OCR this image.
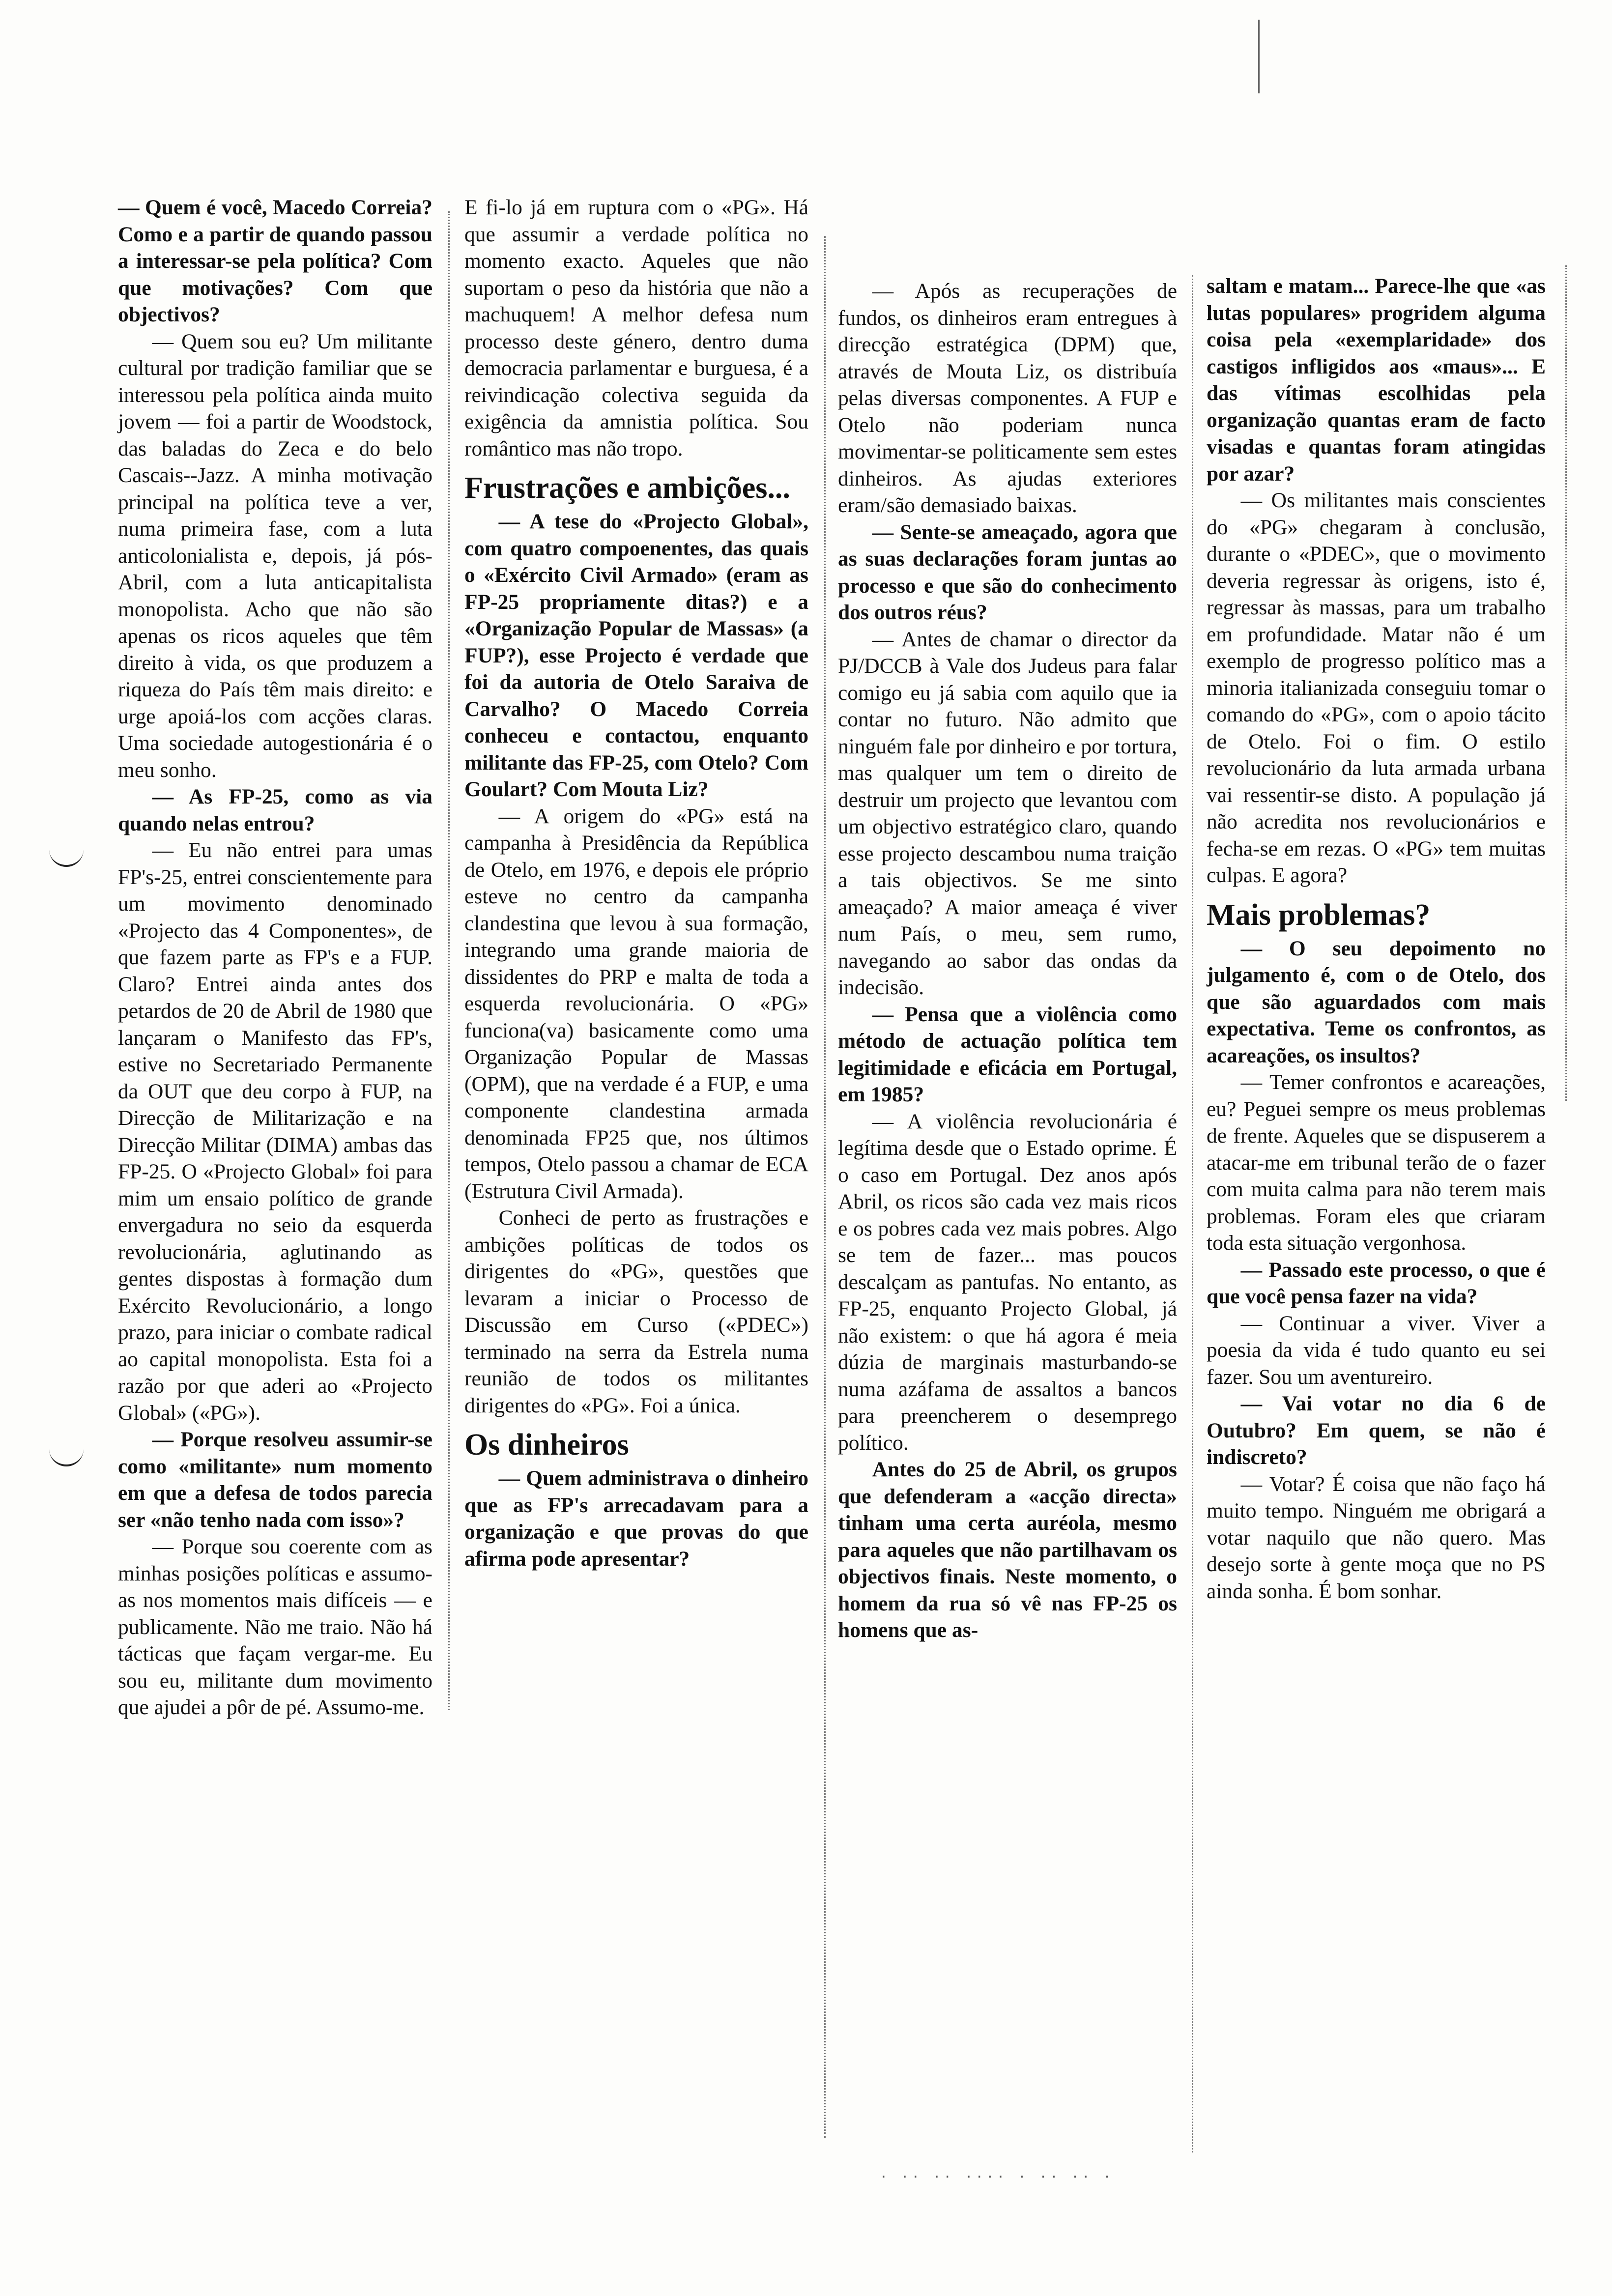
— Quem é você, Macedo Correia? Como e a partir de quando passou a interessar-se pela política? Com que motivações? Com que objectivos?

— Quem sou eu? Um militante cultural por tradição familiar que se interessou pela política ainda muito jovem — foi a partir de Woodstock, das baladas do Zeca e do belo Cascais--Jazz. A minha motivação principal na política teve a ver, numa primeira fase, com a luta anticolonialista e, depois, já pós-Abril, com a luta anticapitalista monopolista. Acho que não são apenas os ricos aqueles que têm direito à vida, os que produzem a riqueza do País têm mais direito: e urge apoiá-los com acções claras. Uma sociedade autogestionária é o meu sonho.

— As FP-25, como as via quando nelas entrou?

— Eu não entrei para umas FP's-25, entrei conscientemente para um movimento denominado «Projecto das 4 Componentes», de que fazem parte as FP's e a FUP. Claro? Entrei ainda antes dos petardos de 20 de Abril de 1980 que lançaram o Manifesto das FP's, estive no Secretariado Permanente da OUT que deu corpo à FUP, na Direcção de Militarização e na Direcção Militar (DIMA) ambas das FP-25. O «Projecto Global» foi para mim um ensaio político de grande envergadura no seio da esquerda revolucionária, aglutinando as gentes dispostas à formação dum Exército Revolucionário, a longo prazo, para iniciar o combate radical ao capital monopolista. Esta foi a razão por que aderi ao «Projecto Global» («PG»).

— Porque resolveu assumir-se como «militante» num momento em que a defesa de todos parecia ser «não tenho nada com isso»?

— Porque sou coerente com as minhas posições políticas e assumo-as nos momentos mais difíceis — e publicamente. Não me traio. Não há tácticas que façam vergar-me. Eu sou eu, militante dum movimento que ajudei a pôr de pé. Assumo-me.

E fi-lo já em ruptura com o «PG». Há que assumir a verdade política no momento exacto. Aqueles que não suportam o peso da história que não a machuquem! A melhor defesa num processo deste género, dentro duma democracia parlamentar e burguesa, é a reivindicação colectiva seguida da exigência da amnistia política. Sou romântico mas não tropo.

Frustrações e ambições...

— A tese do «Projecto Global», com quatro compoenentes, das quais o «Exército Civil Armado» (eram as FP-25 propriamente ditas?) e a «Organização Popular de Massas» (a FUP?), esse Projecto é verdade que foi da autoria de Otelo Saraiva de Carvalho? O Macedo Correia conheceu e contactou, enquanto militante das FP-25, com Otelo? Com Goulart? Com Mouta Liz?

— A origem do «PG» está na campanha à Presidência da República de Otelo, em 1976, e depois ele próprio esteve no centro da campanha clandestina que levou à sua formação, integrando uma grande maioria de dissidentes do PRP e malta de toda a esquerda revolucionária. O «PG» funciona(va) basicamente como uma Organização Popular de Massas (OPM), que na verdade é a FUP, e uma componente clandestina armada denominada FP25 que, nos últimos tempos, Otelo passou a chamar de ECA (Estrutura Civil Armada).

Conheci de perto as frustrações e ambições políticas de todos os dirigentes do «PG», questões que levaram a iniciar o Processo de Discussão em Curso («PDEC») terminado na serra da Estrela numa reunião de todos os militantes dirigentes do «PG». Foi a única.

Os dinheiros

— Quem administrava o dinheiro que as FP's arrecadavam para a organização e que provas do que afirma pode apresentar?

— Após as recuperações de fundos, os dinheiros eram entregues à direcção estratégica (DPM) que, através de Mouta Liz, os distribuía pelas diversas componentes. A FUP e Otelo não poderiam nunca movimentar-se politicamente sem estes dinheiros. As ajudas exteriores eram/são demasiado baixas.

— Sente-se ameaçado, agora que as suas declarações foram juntas ao processo e que são do conhecimento dos outros réus?

— Antes de chamar o director da PJ/DCCB à Vale dos Judeus para falar comigo eu já sabia com aquilo que ia contar no futuro. Não admito que ninguém fale por dinheiro e por tortura, mas qualquer um tem o direito de destruir um projecto que levantou com um objectivo estratégico claro, quando esse projecto descambou numa traição a tais objectivos. Se me sinto ameaçado? A maior ameaça é viver num País, o meu, sem rumo, navegando ao sabor das ondas da indecisão.

— Pensa que a violência como método de actuação política tem legitimidade e eficácia em Portugal, em 1985?

— A violência revolucionária é legítima desde que o Estado oprime. É o caso em Portugal. Dez anos após Abril, os ricos são cada vez mais ricos e os pobres cada vez mais pobres. Algo se tem de fazer... mas poucos descalçam as pantufas. No entanto, as FP-25, enquanto Projecto Global, já não existem: o que há agora é meia dúzia de marginais masturbando-se numa azáfama de assaltos a bancos para preencherem o desemprego político.

Antes do 25 de Abril, os grupos que defenderam a «acção directa» tinham uma certa auréola, mesmo para aqueles que não partilhavam os objectivos finais. Neste momento, o homem da rua só vê nas FP-25 os homens que as-

saltam e matam... Parece-lhe que «as lutas populares» progridem alguma coisa pela «exemplaridade» dos castigos infligidos aos «maus»... E das vítimas escolhidas pela organização quantas eram de facto visadas e quantas foram atingidas por azar?

— Os militantes mais conscientes do «PG» chegaram à conclusão, durante o «PDEC», que o movimento deveria regressar às origens, isto é, regressar às massas, para um trabalho em profundidade. Matar não é um exemplo de progresso político mas a minoria italianizada conseguiu tomar o comando do «PG», com o apoio tácito de Otelo. Foi o fim. O estilo revolucionário da luta armada urbana vai ressentir-se disto. A população já não acredita nos revolucionários e fecha-se em rezas. O «PG» tem muitas culpas. E agora?

Mais problemas?

— O seu depoimento no julgamento é, com o de Otelo, dos que são aguardados com mais expectativa. Teme os confrontos, as acareações, os insultos?

— Temer confrontos e acareações, eu? Peguei sempre os meus problemas de frente. Aqueles que se dispuserem a atacar-me em tribunal terão de o fazer com muita calma para não terem mais problemas. Foram eles que criaram toda esta situação vergonhosa.

— Passado este processo, o que é que você pensa fazer na vida?

— Continuar a viver. Viver a poesia da vida é tudo quanto eu sei fazer. Sou um aventureiro.

— Vai votar no dia 6 de Outubro? Em quem, se não é indiscreto?

— Votar? É coisa que não faço há muito tempo. Ninguém me obrigará a votar naquilo que não quero. Mas desejo sorte à gente moça que no PS ainda sonha. É bom sonhar.

· ·· ·· ···· · ·· ·· ·
